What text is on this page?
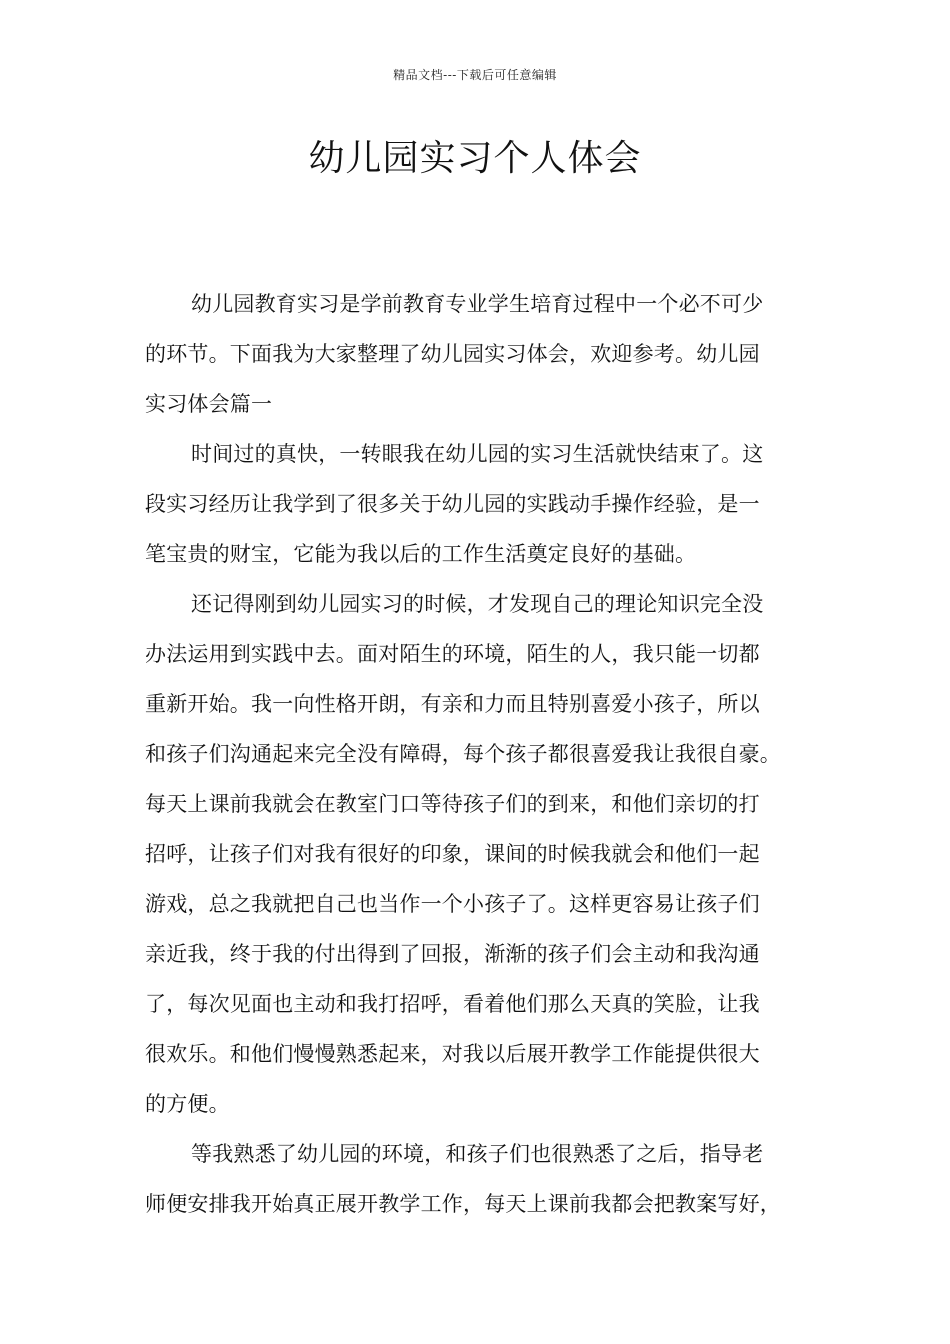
精品文档---下载后可任意编辑
幼儿园实习个人体会
幼儿园教育实习是学前教育专业学生培育过程中一个必不可少
的环节。下面我为大家整理了幼儿园实习体会，欢迎参考。幼儿园
实习体会篇一
时间过的真快，一转眼我在幼儿园的实习生活就快结束了。这
段实习经历让我学到了很多关于幼儿园的实践动手操作经验，是一
笔宝贵的财宝，它能为我以后的工作生活奠定良好的基础。
还记得刚到幼儿园实习的时候，才发现自己的理论知识完全没
办法运用到实践中去。面对陌生的环境，陌生的人，我只能一切都
重新开始。我一向性格开朗，有亲和力而且特别喜爱小孩子，所以
和孩子们沟通起来完全没有障碍，每个孩子都很喜爱我让我很自豪。
每天上课前我就会在教室门口等待孩子们的到来，和他们亲切的打
招呼，让孩子们对我有很好的印象，课间的时候我就会和他们一起
游戏，总之我就把自己也当作一个小孩子了。这样更容易让孩子们
亲近我，终于我的付出得到了回报，渐渐的孩子们会主动和我沟通
了，每次见面也主动和我打招呼，看着他们那么天真的笑脸，让我
很欢乐。和他们慢慢熟悉起来，对我以后展开教学工作能提供很大
的方便。
等我熟悉了幼儿园的环境，和孩子们也很熟悉了之后，指导老
师便安排我开始真正展开教学工作，每天上课前我都会把教案写好，
